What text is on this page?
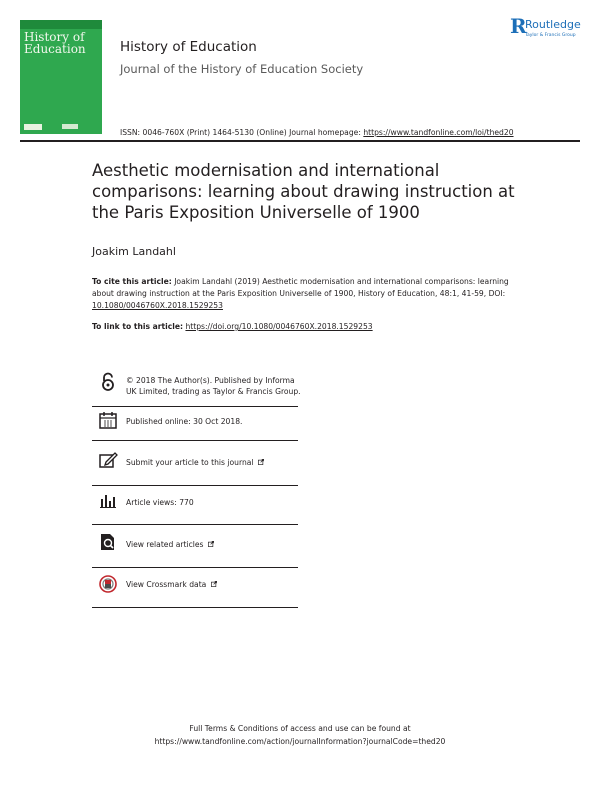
History of Education	History of Education
Journal of the History of Education Society
ISSN: 0046-760X (Print) 1464-5130 (Online) Journal homepage: https://www.tandfonline.com/loi/thed20
R
Routledge
Taylor & Francis Group
Aesthetic modernisation and international comparisons: learning about drawing instruction at the Paris Exposition Universelle of 1900
Joakim Landahl
To cite this article: Joakim Landahl (2019) Aesthetic modernisation and international comparisons: learning about drawing instruction at the Paris Exposition Universelle of 1900, History of Education, 48:1, 41-59, DOI: 10.1080/0046760X.2018.1529253
To link to this article: https://doi.org/10.1080/0046760X.2018.1529253
© 2018 The Author(s). Published by Informa UK Limited, trading as Taylor & Francis Group.
Published online: 30 Oct 2018.
Submit your article to this journal
Article views: 770
View related articles
View Crossmark data
Full Terms & Conditions of access and use can be found at
https://www.tandfonline.com/action/journalInformation?journalCode=thed20
